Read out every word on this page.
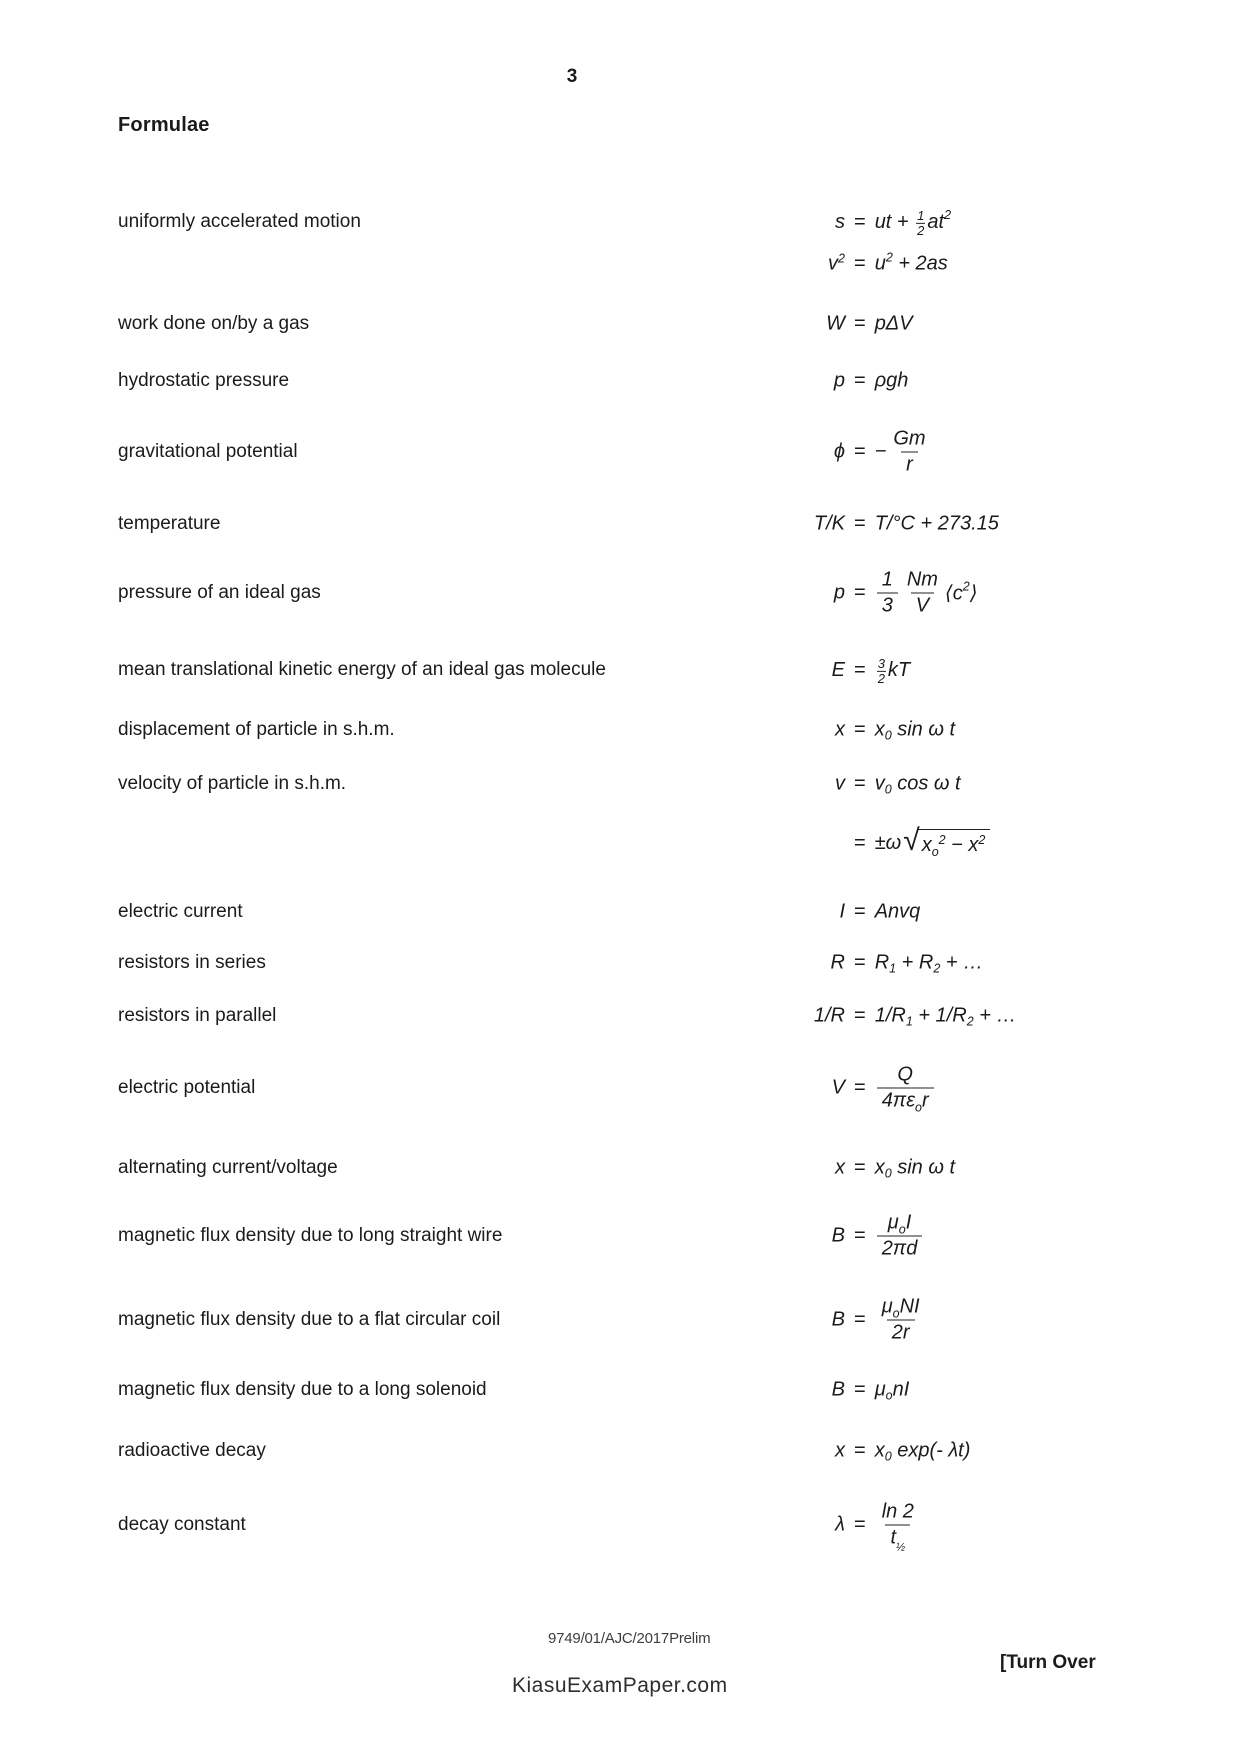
3
Formulae
uniformly accelerated motion	s = ut + $\frac{1}{2}$ at 2
$v^2 = u$ 2 + 2as
work done on/by a gas	W = pΔV
hydrostatic pressure	p = ρgh
gravitational potential	ϕ = − $\frac{Gm}{r}$
temperature	T/K = T/°C + 273.15
pressure of an ideal gas	$p = \frac{1}{3} \frac{Nm}{V}$ ⟨c 2 ⟩
mean translational kinetic energy of an ideal gas molecule	$E = \frac{3}{2}$ kT
displacement of particle in s.h.m.	x = x 0 sin ω t
velocity of particle in s.h.m.	v = v 0 cos ω t
= ±ω √ $x_o^2 - x^2$
electric current	I = Anvq
resistors in series	R = R 1 + R 2 + …
resistors in parallel	1/R = 1/R 1 + 1/R 2 + …
electric potential	$V = \frac{Q}{4\pi\varepsilon_or}$
alternating current/voltage	x = x 0 sin ω t
magnetic flux density due to long straight wire	$B = \frac{\mu_oI}{2\pi d}$
magnetic flux density due to a flat circular coil	$B = \frac{\mu_oNI}{2r}$
magnetic flux density due to a long solenoid	B = μ o nI
radioactive decay	x = x 0 exp(- λt)
decay constant	$\lambda = \frac{\ln 2}{t_{\frac{1}{2}}}$
9749/01/AJC/2017Prelim
KiasuExamPaper.com
[Turn Over
